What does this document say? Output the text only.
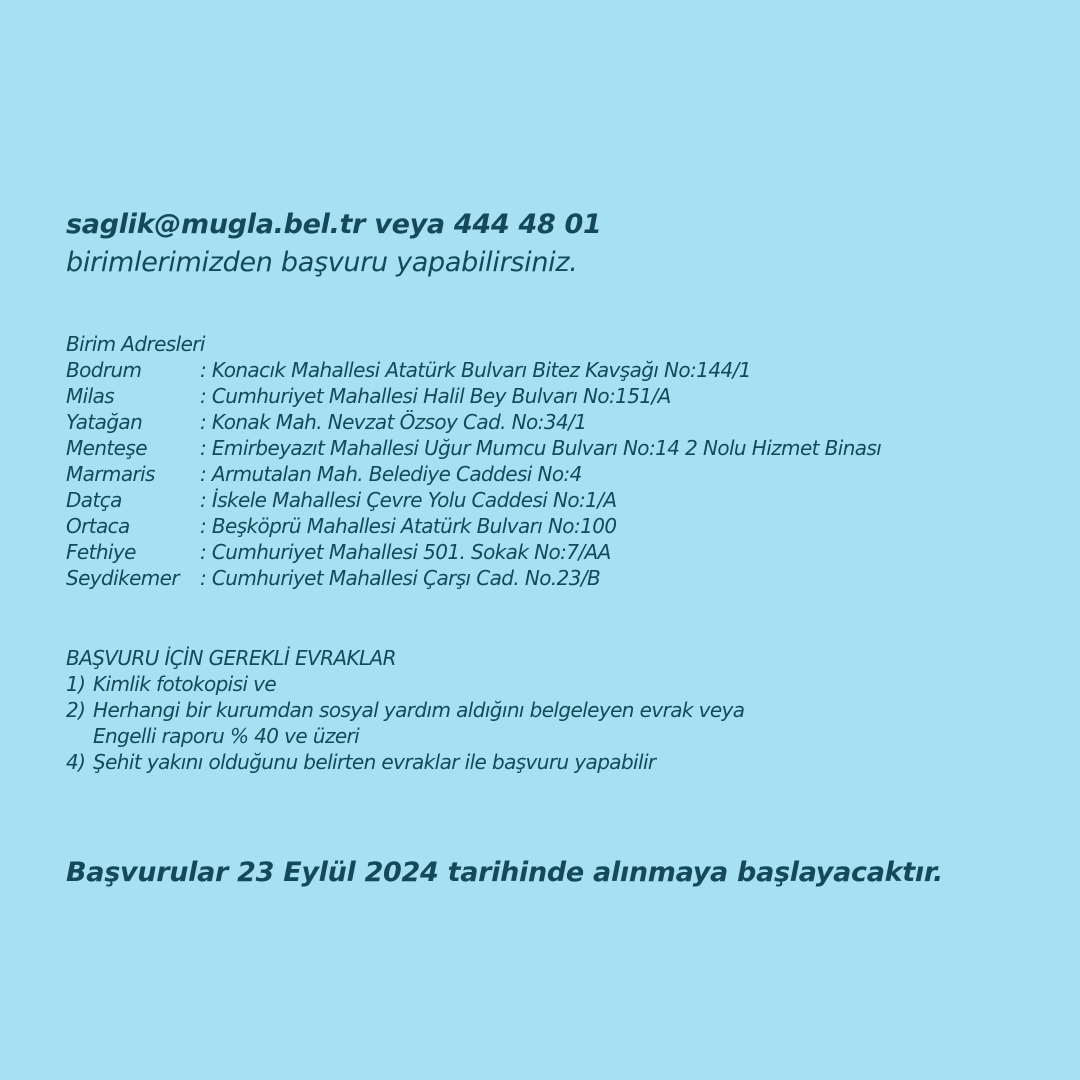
saglik@mugla.bel.tr veya 444 48 01
birimlerimizden başvuru yapabilirsiniz.
Birim Adresleri
Bodrum	: Konacık Mahallesi Atatürk Bulvarı Bitez Kavşağı No:144/1
Milas	: Cumhuriyet Mahallesi Halil Bey Bulvarı No:151/A
Yatağan	: Konak Mah. Nevzat Özsoy Cad. No:34/1
Menteşe	: Emirbeyazıt Mahallesi Uğur Mumcu Bulvarı No:14 2 Nolu Hizmet Binası
Marmaris	: Armutalan Mah. Belediye Caddesi No:4
Datça	: İskele Mahallesi Çevre Yolu Caddesi No:1/A
Ortaca	: Beşköprü Mahallesi Atatürk Bulvarı No:100
Fethiye	: Cumhuriyet Mahallesi 501. Sokak No:7/AA
Seydikemer	: Cumhuriyet Mahallesi Çarşı Cad. No.23/B
BAŞVURU İÇİN GEREKLİ EVRAKLAR
1) Kimlik fotokopisi ve
2) Herhangi bir kurumdan sosyal yardım aldığını belgeleyen evrak veya
Engelli raporu % 40 ve üzeri
4) Şehit yakını olduğunu belirten evraklar ile başvuru yapabilir
Başvurular 23 Eylül 2024 tarihinde alınmaya başlayacaktır.
